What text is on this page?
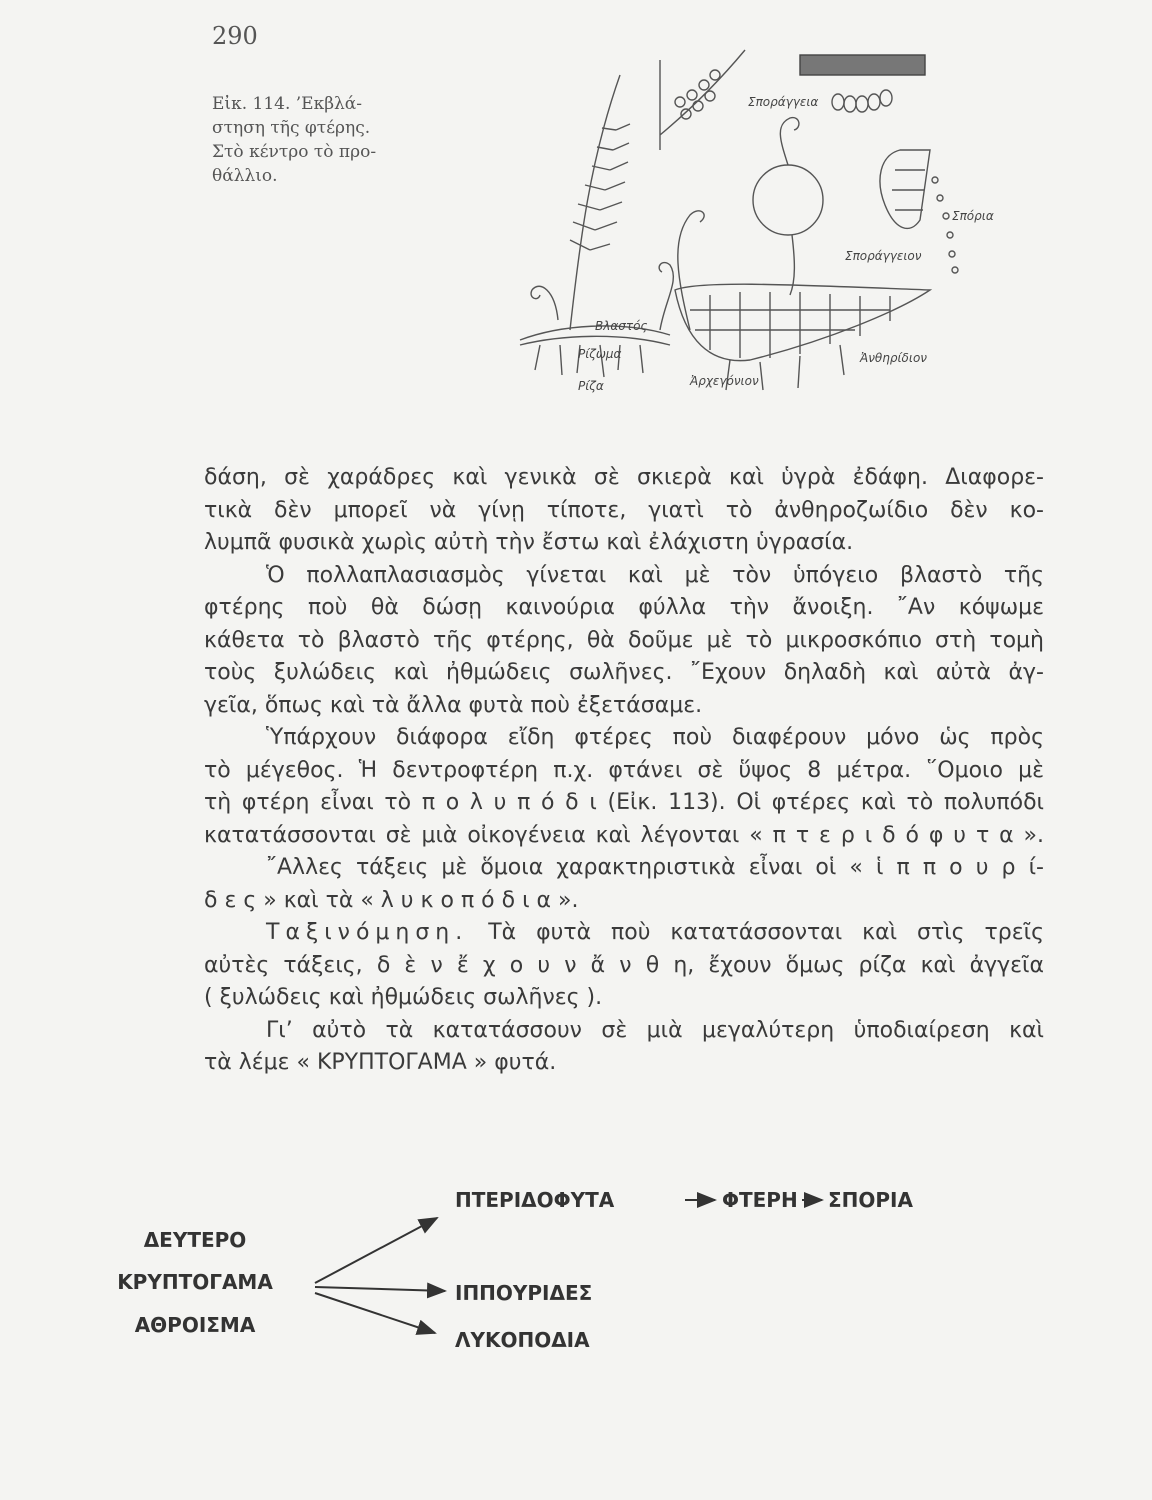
290
Εἰκ. 114. ’Εκβλά-
στηση τῆς φτέρης.
Στὸ κέντρο τὸ προ-
θάλλιο.
Σποράγγεια
Σπόρια
Σποράγγειον
Βλαστός
Ρίζωμα
Ρίζα	Ἀρχεγόνιον
Ἀνθηρίδιον
δάση, σὲ χαράδρες καὶ γενικὰ σὲ σκιερὰ καὶ ὑγρὰ ἐδάφη. Διαφορε-
τικὰ δὲν μπορεῖ νὰ γίνῃ τίποτε, γιατὶ τὸ ἀνθηροζωίδιο δὲν κο-
λυμπᾶ φυσικὰ χωρὶς αὐτὴ τὴν ἔστω καὶ ἐλάχιστη ὑγρασία.
Ὁ πολλαπλασιασμὸς γίνεται καὶ μὲ τὸν ὑπόγειο βλαστὸ τῆς
φτέρης ποὺ θὰ δώσῃ καινούρια φύλλα τὴν ἄνοιξη. ῎Αν κόψωμε
κάθετα τὸ βλαστὸ τῆς φτέρης, θὰ δοῦμε μὲ τὸ μικροσκόπιο στὴ τομὴ
τοὺς ξυλώδεις καὶ ἠθμώδεις σωλῆνες. ῎Εχουν δηλαδὴ καὶ αὐτὰ ἀγ-
γεῖα, ὅπως καὶ τὰ ἄλλα φυτὰ ποὺ ἐξετάσαμε.
Ὑπάρχουν διάφορα εἴδη φτέρες ποὺ διαφέρουν μόνο ὡς πρὸς
τὸ μέγεθος. Ἡ δεντροφτέρη π.χ. φτάνει σὲ ὕψος 8 μέτρα. ῞Ομοιο μὲ
τὴ φτέρη εἶναι τὸ π ο λ υ π ό δ ι (Εἰκ. 113). Οἱ φτέρες καὶ τὸ πολυπόδι
κατατάσσονται σὲ μιὰ οἰκογένεια καὶ λέγονται « π τ ε ρ ι δ ό φ υ τ α ».
῎Αλλες τάξεις μὲ ὅμοια χαρακτηριστικὰ εἶναι οἱ « ἱ π π ο υ ρ ί-
δ ε ς » καὶ τὰ « λ υ κ ο π ό δ ι α ».
Ταξινόμηση. Τὰ φυτὰ ποὺ κατατάσσονται καὶ στὶς τρεῖς
αὐτὲς τάξεις, δ ὲ ν ἔ χ ο υ ν ἄ ν θ η, ἔχουν ὅμως ρίζα καὶ ἀγγεῖα
( ξυλώδεις καὶ ἠθμώδεις σωλῆνες ).
Γι’ αὐτὸ τὰ κατατάσσουν σὲ μιὰ μεγαλύτερη ὑποδιαίρεση καὶ
τὰ λέμε « ΚΡΥΠΤΟΓΑΜΑ » φυτά.
ΔΕΥΤΕΡΟ
ΚΡΥΠΤΟΓΑΜΑ
ΑΘΡΟΙΣΜΑ
ΠΤΕΡΙΔΟΦΥΤΑ	ΦΤΕΡΗ ΣΠΟΡΙΑ
ΙΠΠΟΥΡΙΔΕΣ
ΛΥΚΟΠΟΔΙΑ
